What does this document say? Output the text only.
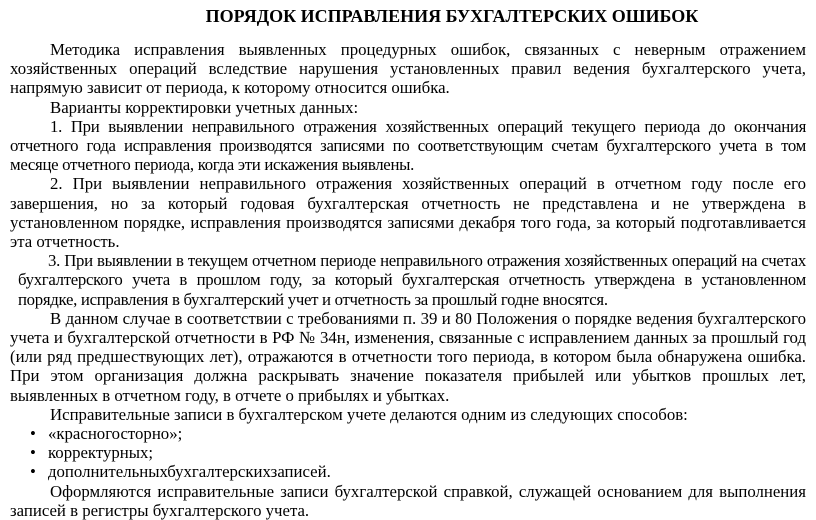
ПОРЯДОК ИСПРАВЛЕНИЯ БУХГАЛТЕРСКИХ ОШИБОК

Методика исправления выявленных процедурных ошибок, связанных с неверным отражением хозяйственных операций вследствие нарушения установленных правил ведения бухгалтерского учета, напрямую зависит от периода, к которому относится ошибка.

Варианты корректировки учетных данных:

1. При выявлении неправильного отражения хозяйственных операций текущего периода до окончания отчетного года исправления производятся записями по соответствующим счетам бухгалтерского учета в том месяце отчетного периода, когда эти искажения выявлены.

2. При выявлении неправильного отражения хозяйственных операций в отчетном году после его завершения, но за который годовая бухгалтерская отчетность не представлена и не утверждена в установленном порядке, исправления производятся записями декабря того года, за который подготавливается эта отчетность.

3. При выявлении в текущем отчетном периоде неправильного отражения хозяйственных операций на счетах бухгалтерского учета в прошлом году, за который бухгалтерская отчетность утверждена в установленном порядке, исправления в бухгалтерский учет и отчетность за прошлый годне вносятся.

В данном случае в соответствии с требованиями п. 39 и 80 Положения о порядке ведения бухгалтерского учета и бухгалтерской отчетности в РФ № 34н, изменения, связанные с исправлением данных за прошлый год (или ряд предшествующих лет), отражаются в отчетности того периода, в котором была обнаружена ошибка. При этом организация должна раскрывать значение показателя прибылей или убытков прошлых лет, выявленных в отчетном году, в отчете о прибылях и убытках.

Исправительные записи в бухгалтерском учете делаются одним из следующих способов:

• «красногосторно»;

• корректурных;

• дополнительныхбухгалтерскихзаписей.

Оформляются исправительные записи бухгалтерской справкой, служащей основанием для выполнения записей в регистры бухгалтерского учета.
